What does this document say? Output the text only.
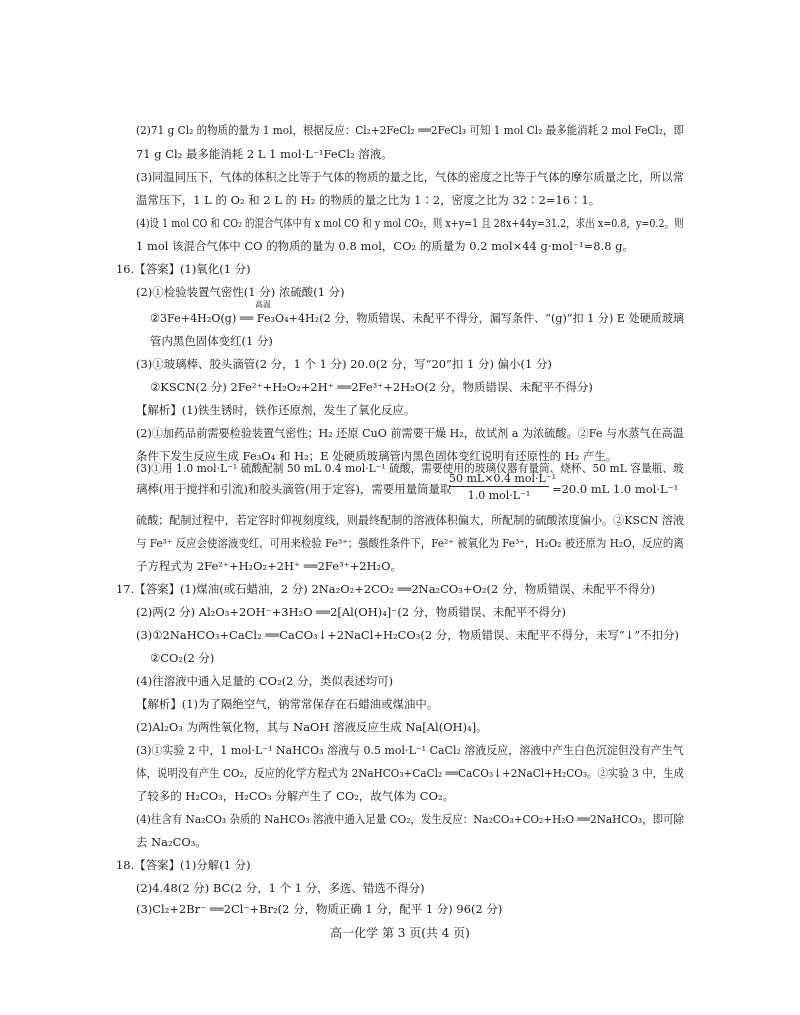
(2)71 g Cl₂ 的物质的量为 1 mol，根据反应：Cl₂+2FeCl₂ ══2FeCl₃ 可知 1 mol Cl₂ 最多能消耗 2 mol FeCl₂，即
71 g Cl₂ 最多能消耗 2 L 1 mol·L⁻¹FeCl₂ 溶液。
(3)同温同压下，气体的体积之比等于气体的物质的量之比，气体的密度之比等于气体的摩尔质量之比，所以常
温常压下，1 L 的 O₂ 和 2 L 的 H₂ 的物质的量之比为 1∶2，密度之比为 32∶2=16∶1。
(4)设 1 mol CO 和 CO₂ 的混合气体中有 x mol CO 和 y mol CO₂，则 x+y=1 且 28x+44y=31.2，求出 x=0.8，y=0.2。则
1 mol 该混合气体中 CO 的物质的量为 0.8 mol，CO₂ 的质量为 0.2 mol×44 g·mol⁻¹=8.8 g。
16.【答案】(1)氧化(1 分)
(2)①检验装置气密性(1 分) 浓硫酸(1 分)
高温
②3Fe+4H₂O(g) ══ Fe₃O₄+4H₂(2 分，物质错误、未配平不得分，漏写条件、“(g)”扣 1 分) E 处硬质玻璃
管内黑色固体变红(1 分)
(3)①玻璃棒、胶头滴管(2 分，1 个 1 分) 20.0(2 分，写“20”扣 1 分) 偏小(1 分)
②KSCN(2 分) 2Fe²⁺+H₂O₂+2H⁺ ══2Fe³⁺+2H₂O(2 分，物质错误、未配平不得分)
【解析】(1)铁生锈时，铁作还原剂，发生了氧化反应。
(2)①加药品前需要检验装置气密性；H₂ 还原 CuO 前需要干燥 H₂，故试剂 a 为浓硫酸。②Fe 与水蒸气在高温
条件下发生反应生成 Fe₃O₄ 和 H₂；E 处硬质玻璃管内黑色固体变红说明有还原性的 H₂ 产生。
(3)①用 1.0 mol·L⁻¹ 硫酸配制 50 mL 0.4 mol·L⁻¹ 硫酸，需要使用的玻璃仪器有量筒、烧杯、50 mL 容量瓶、玻
璃棒(用于搅拌和引流)和胶头滴管(用于定容)，需要用量筒量取
50 mL×0.4 mol·L⁻¹
1.0 mol·L⁻¹	=20.0 mL 1.0 mol·L⁻¹
硫酸；配制过程中，若定容时仰视刻度线，则最终配制的溶液体积偏大，所配制的硫酸浓度偏小。②KSCN 溶液
与 Fe³⁺ 反应会使溶液变红，可用来检验 Fe³⁺；强酸性条件下，Fe²⁺ 被氧化为 Fe³⁺，H₂O₂ 被还原为 H₂O，反应的离
子方程式为 2Fe²⁺+H₂O₂+2H⁺ ══2Fe³⁺+2H₂O。
17.【答案】(1)煤油(或石蜡油，2 分) 2Na₂O₂+2CO₂ ══2Na₂CO₃+O₂(2 分，物质错误、未配平不得分)
(2)两(2 分) Al₂O₃+2OH⁻+3H₂O ══2[Al(OH)₄]⁻(2 分，物质错误、未配平不得分)
(3)①2NaHCO₃+CaCl₂ ══CaCO₃↓+2NaCl+H₂CO₃(2 分，物质错误、未配平不得分，未写“↓”不扣分)
②CO₂(2 分)
(4)往溶液中通入足量的 CO₂(2 分，类似表述均可)
【解析】(1)为了隔绝空气，钠常常保存在石蜡油或煤油中。
(2)Al₂O₃ 为两性氧化物，其与 NaOH 溶液反应生成 Na[Al(OH)₄]。
(3)①实验 2 中，1 mol·L⁻¹ NaHCO₃ 溶液与 0.5 mol·L⁻¹ CaCl₂ 溶液反应，溶液中产生白色沉淀但没有产生气
体，说明没有产生 CO₂，反应的化学方程式为 2NaHCO₃+CaCl₂ ══CaCO₃↓+2NaCl+H₂CO₃。②实验 3 中，生成
了较多的 H₂CO₃，H₂CO₃ 分解产生了 CO₂，故气体为 CO₂。
(4)往含有 Na₂CO₃ 杂质的 NaHCO₃ 溶液中通入足量 CO₂，发生反应：Na₂CO₃+CO₂+H₂O ══2NaHCO₃，即可除
去 Na₂CO₃。
18.【答案】(1)分解(1 分)
(2)4.48(2 分) BC(2 分，1 个 1 分，多选、错选不得分)
(3)Cl₂+2Br⁻ ══2Cl⁻+Br₂(2 分，物质正确 1 分，配平 1 分) 96(2 分)
高一化学 第 3 页(共 4 页)
